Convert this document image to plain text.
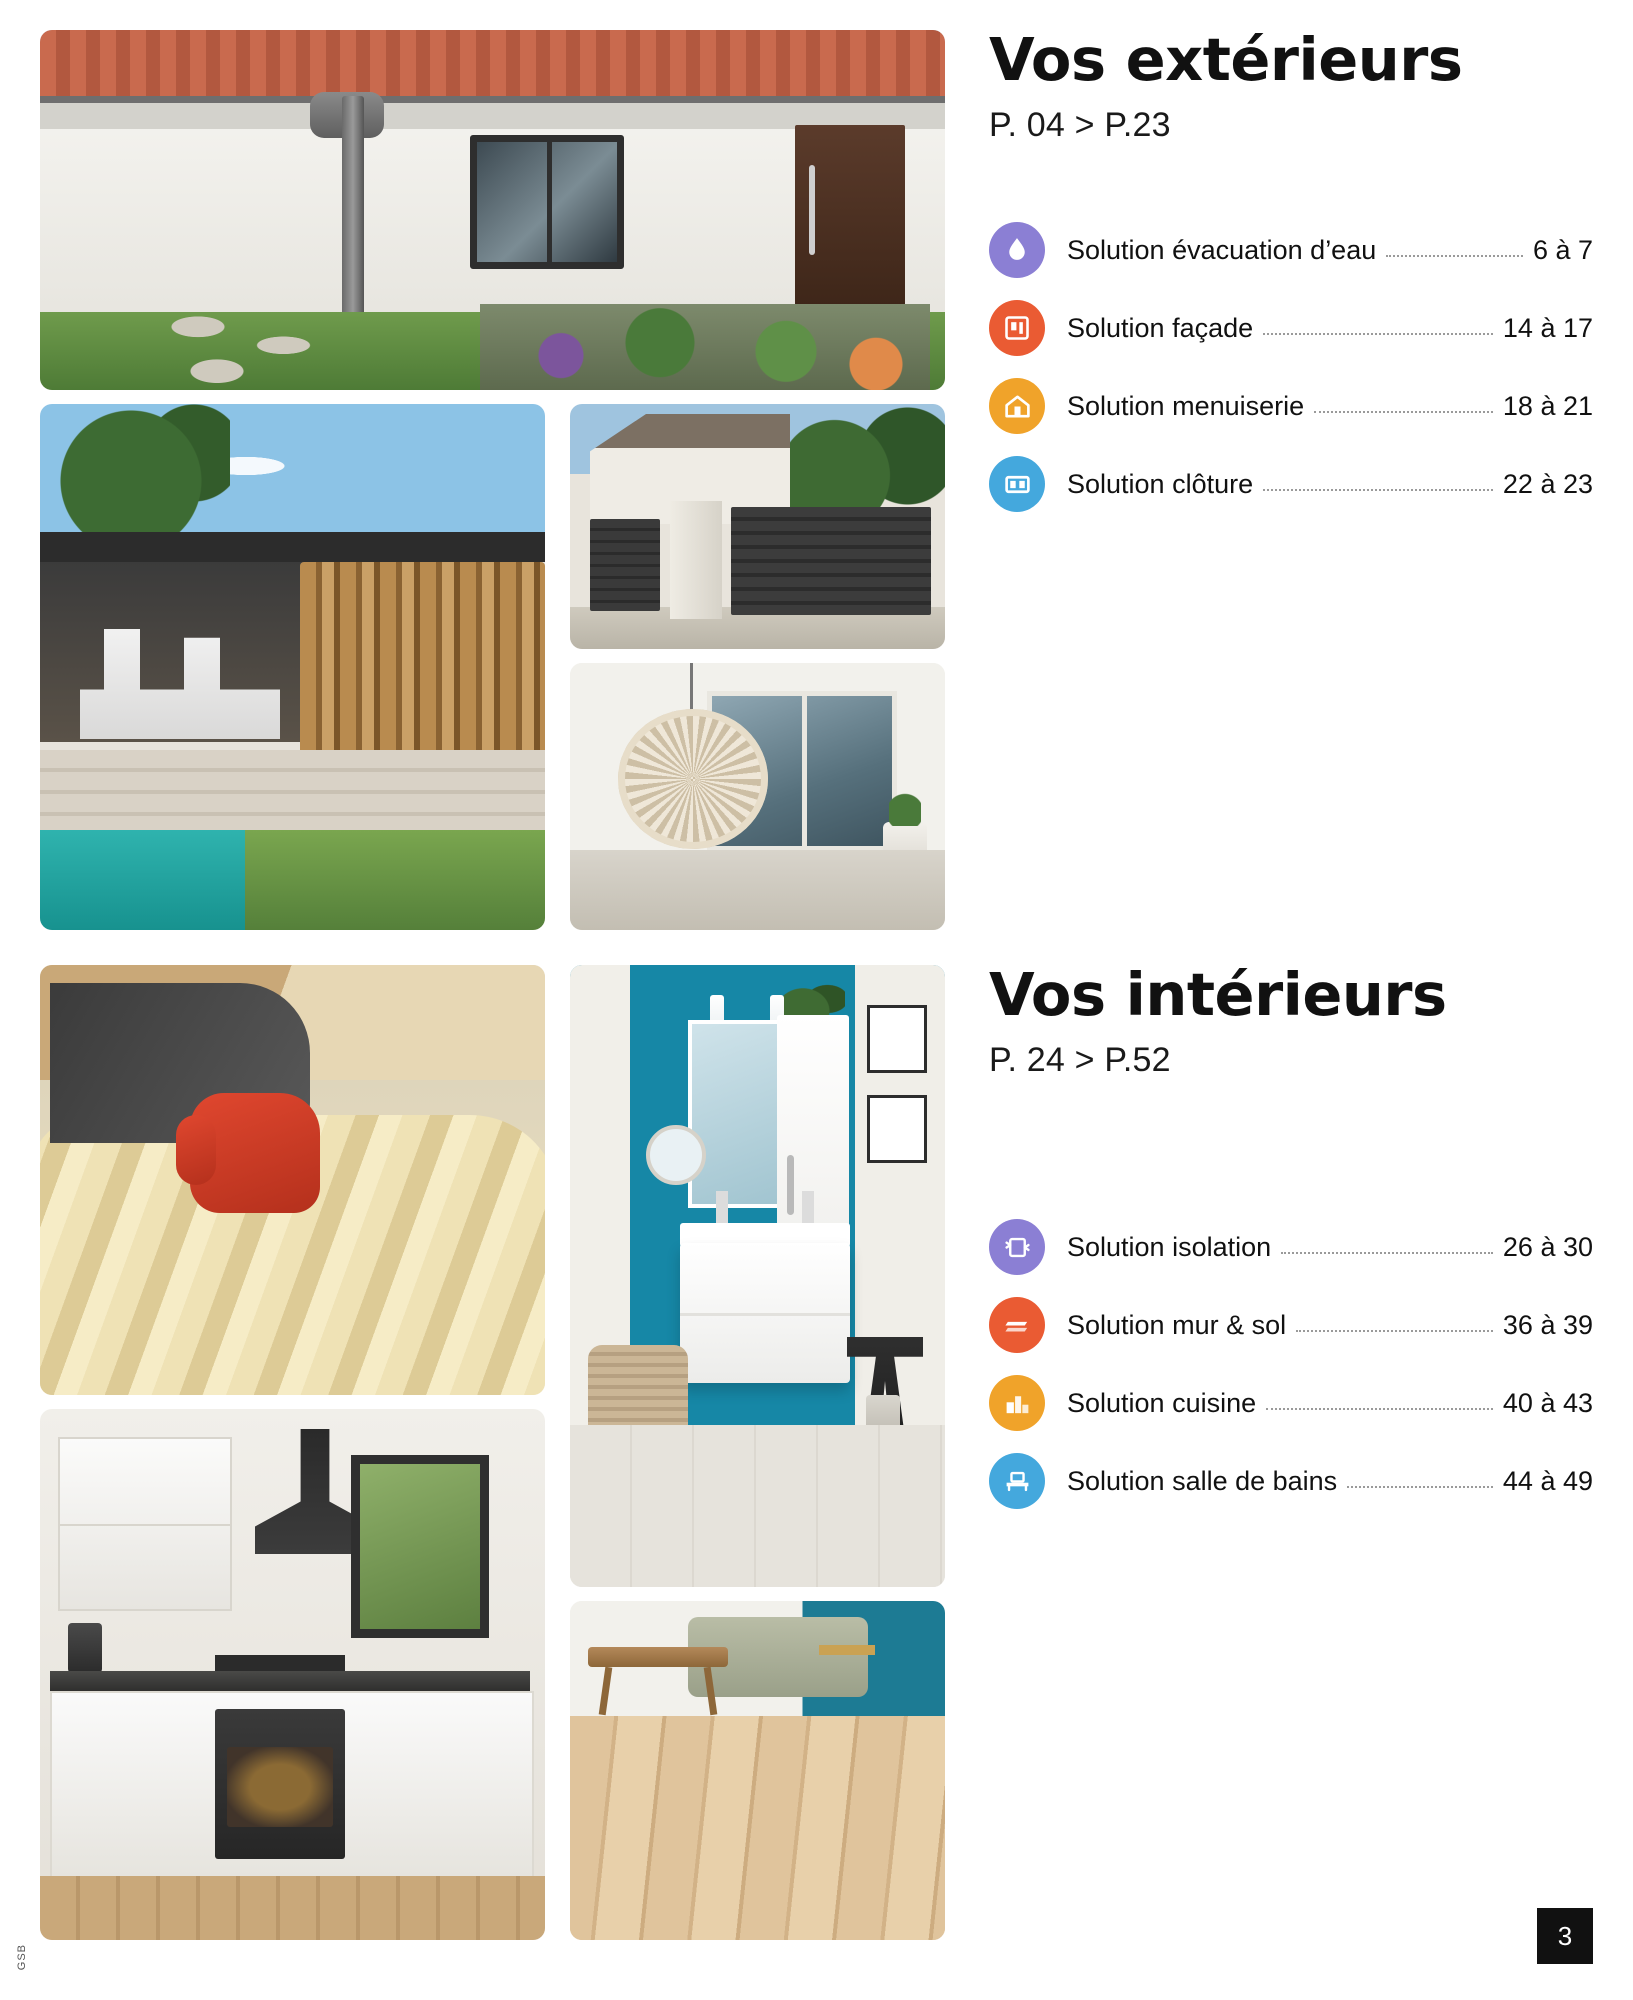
Vos extérieurs
P. 04 > P.23
Solution évacuation d’eau	6 à 7
Solution façade	14 à 17
Solution menuiserie	18 à 21
Solution clôture	22 à 23
Vos intérieurs
P. 24 > P.52
Solution isolation	26 à 30
Solution mur & sol	36 à 39
Solution cuisine	40 à 43
Solution salle de bains	44 à 49
3
GSB
